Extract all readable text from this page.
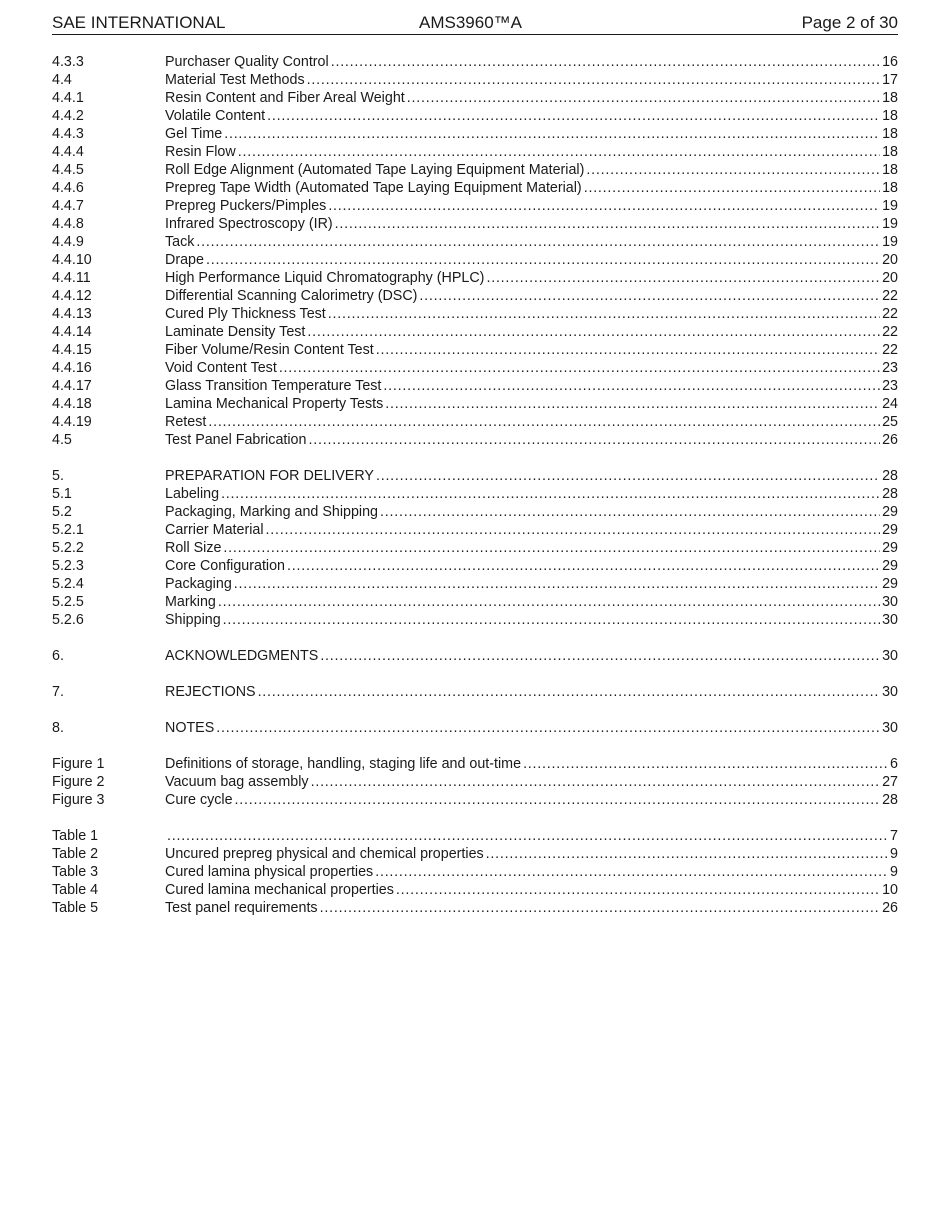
SAE INTERNATIONAL	AMS3960™A	Page 2 of 30
4.3.3	Purchaser Quality Control . . .	16
4.4	Material Test Methods . . .	17
4.4.1	Resin Content and Fiber Areal Weight . . .	18
4.4.2	Volatile Content . . .	18
4.4.3	Gel Time . . .	18
4.4.4	Resin Flow . . .	18
4.4.5	Roll Edge Alignment (Automated Tape Laying Equipment Material) . . .	18
4.4.6	Prepreg Tape Width (Automated Tape Laying Equipment Material) . . .	18
4.4.7	Prepreg Puckers/Pimples . . .	19
4.4.8	Infrared Spectroscopy (IR) . . .	19
4.4.9	Tack . . .	19
4.4.10	Drape . . .	20
4.4.11	High Performance Liquid Chromatography (HPLC) . . .	20
4.4.12	Differential Scanning Calorimetry (DSC) . . .	22
4.4.13	Cured Ply Thickness Test . . .	22
4.4.14	Laminate Density Test . . .	22
4.4.15	Fiber Volume/Resin Content Test . . .	22
4.4.16	Void Content Test . . .	23
4.4.17	Glass Transition Temperature Test . . .	23
4.4.18	Lamina Mechanical Property Tests . . .	24
4.4.19	Retest . . .	25
4.5	Test Panel Fabrication . . .	26
5.	PREPARATION FOR DELIVERY . . .	28
5.1	Labeling . . .	28
5.2	Packaging, Marking and Shipping . . .	29
5.2.1	Carrier Material . . .	29
5.2.2	Roll Size . . .	29
5.2.3	Core Configuration . . .	29
5.2.4	Packaging . . .	29
5.2.5	Marking . . .	30
5.2.6	Shipping . . .	30
6.	ACKNOWLEDGMENTS . . .	30
7.	REJECTIONS . . .	30
8.	NOTES . . .	30
Figure 1	Definitions of storage, handling, staging life and out-time . . .	6
Figure 2	Vacuum bag assembly . . .	27
Figure 3	Cure cycle . . .	28
Table 1 . . .	7
Table 2	Uncured prepreg physical and chemical properties . . .	9
Table 3	Cured lamina physical properties . . .	9
Table 4	Cured lamina mechanical properties . . .	10
Table 5	Test panel requirements . . .	26
